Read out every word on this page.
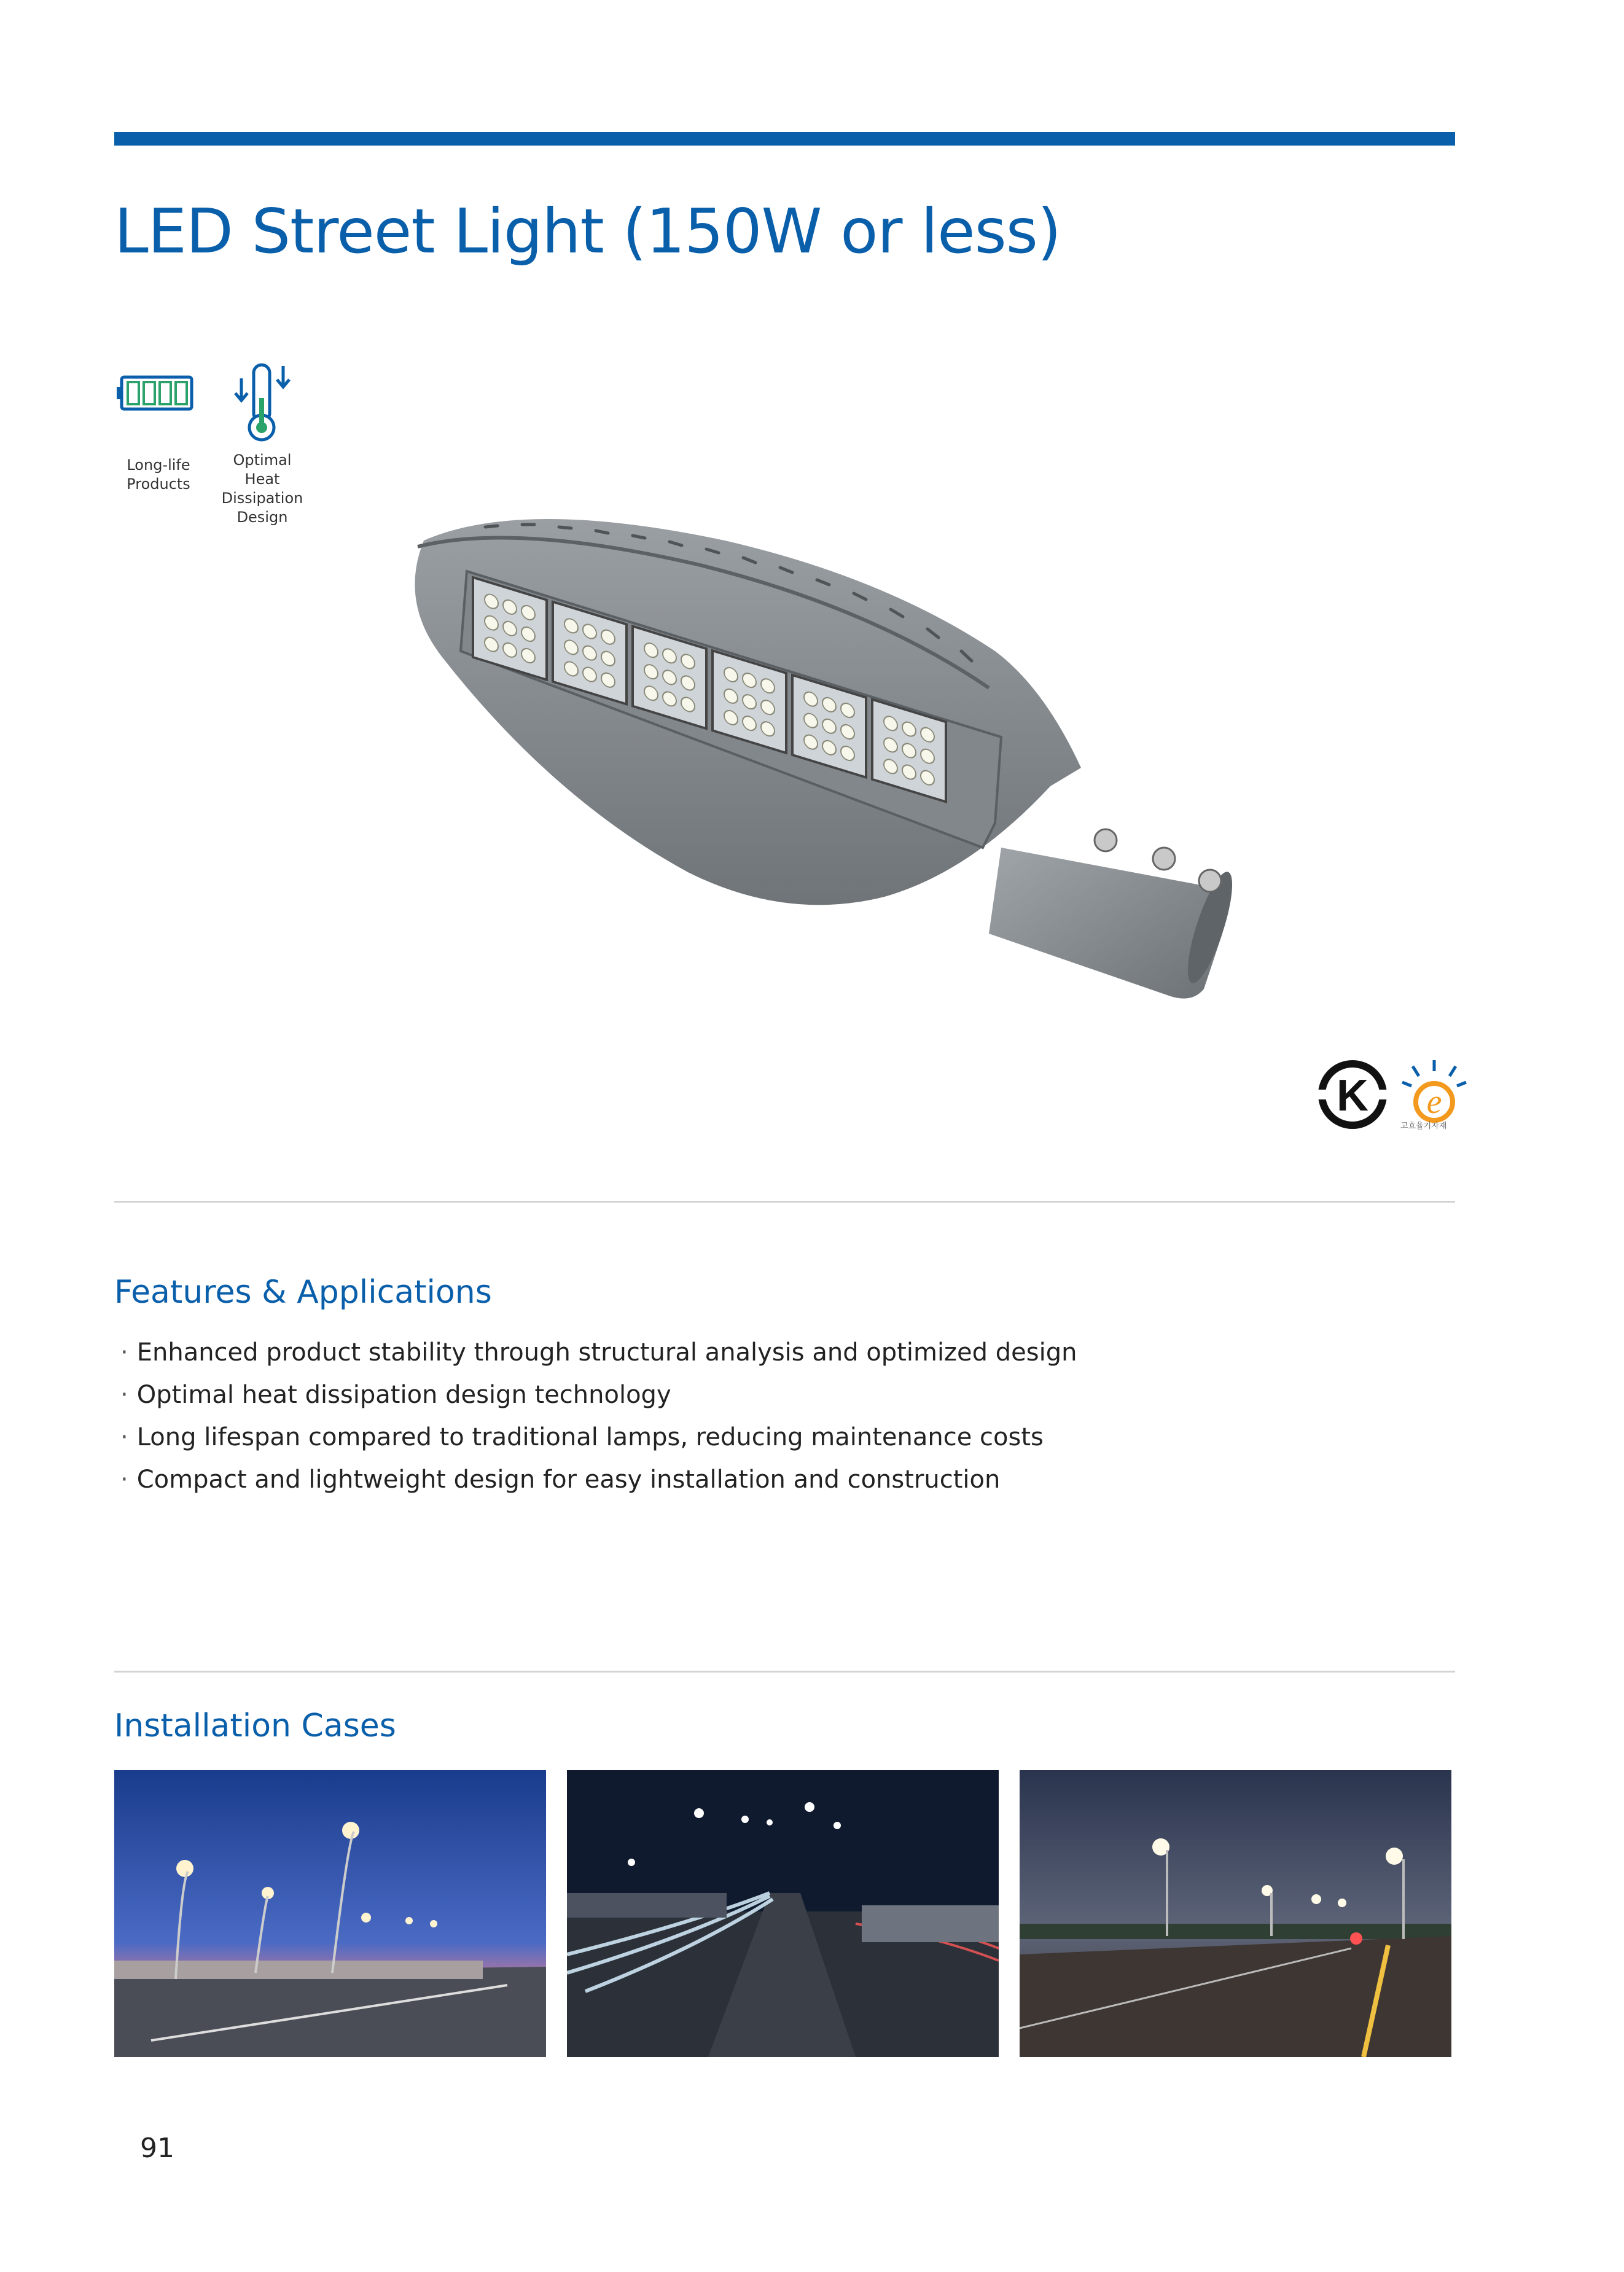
LED Street Light (150W or less)
Long-life
Products
Optimal
Heat
Dissipation
Design
K e
고효율기자재
Features & Applications
· Enhanced product stability through structural analysis and optimized design
· Optimal heat dissipation design technology
· Long lifespan compared to traditional lamps, reducing maintenance costs
· Compact and lightweight design for easy installation and construction
Installation Cases
91
